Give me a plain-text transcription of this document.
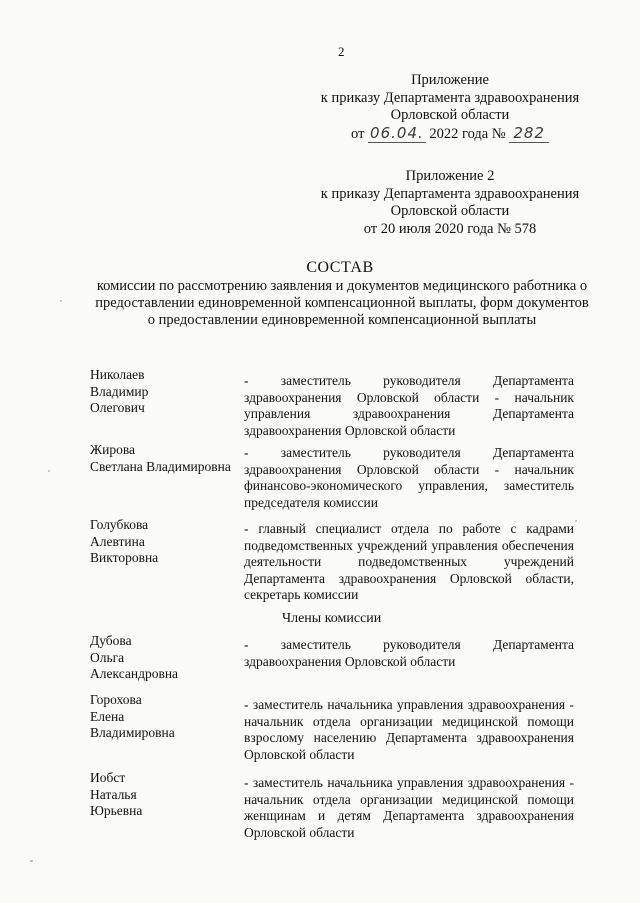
2
Приложение
к приказу Департамента здравоохранения
Орловской области
от 06.04. 2022 года № 282
Приложение 2
к приказу Департамента здравоохранения
Орловской области
от 20 июля 2020 года № 578
СОСТАВ
комиссии по рассмотрению заявления и документов медицинского работника о предоставлении единовременной компенсационной выплаты, форм документов о предоставлении единовременной компенсационной выплаты
Николаев
Владимир
Олегович
- заместитель руководителя Департамента здравоохранения Орловской области - начальник управления здравоохранения Департамента здравоохранения Орловской области
Жирова
Светлана Владимировна
- заместитель руководителя Департамента здравоохранения Орловской области - начальник финансово-экономического управления, заместитель председателя комиссии
Голубкова
Алевтина
Викторовна
- главный специалист отдела по работе с кадрами подведомственных учреждений управления обеспечения деятельности подведомственных учреждений Департамента здравоохранения Орловской области, секретарь комиссии
Члены комиссии
Дубова
Ольга
Александровна
- заместитель руководителя Департамента здравоохранения Орловской области
Горохова
Елена
Владимировна
- заместитель начальника управления здравоохранения - начальник отдела организации медицинской помощи взрослому населению Департамента здравоохранения Орловской области
Иобст
Наталья
Юрьевна
- заместитель начальника управления здравоохранения - начальник отдела организации медицинской помощи женщинам и детям Департамента здравоохранения Орловской области
